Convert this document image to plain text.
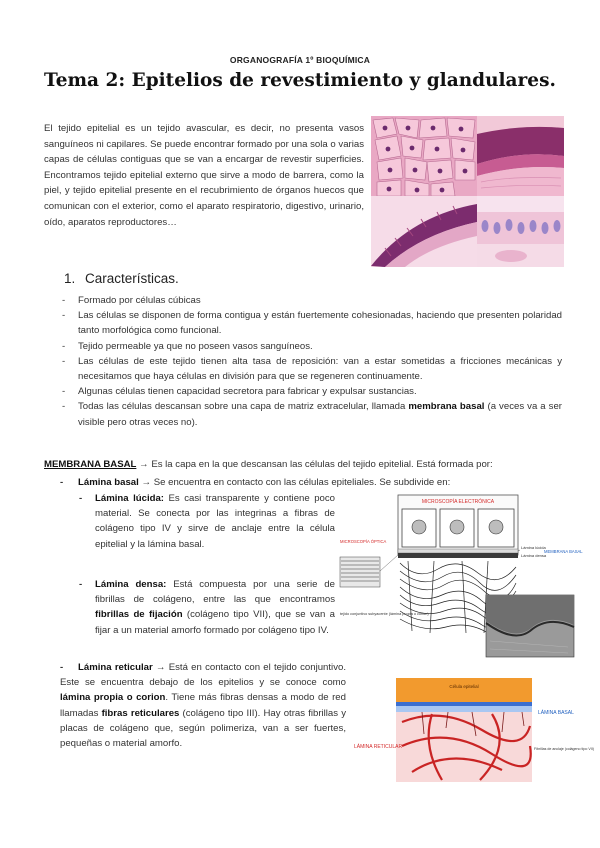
ORGANOGRAFÍA 1º BIOQUÍMICA
Tema 2: Epitelios de revestimiento y glandulares.

El tejido epitelial es un tejido avascular, es decir, no presenta vasos sanguíneos ni capilares. Se puede encontrar formado por una sola o varias capas de células contiguas que se van a encargar de revestir superficies. Encontramos tejido epitelial externo que sirve a modo de barrera, como la piel, y tejido epitelial presente en el recubrimiento de órganos huecos que comunican con el exterior, como el aparato respiratorio, digestivo, urinario, oído, aparatos reproductores…

1. Características.
- Formado por células cúbicas
- Las células se disponen de forma contigua y están fuertemente cohesionadas, haciendo que presenten polaridad tanto morfológica como funcional.
- Tejido permeable ya que no poseen vasos sanguíneos.
- Las células de este tejido tienen alta tasa de reposición: van a estar sometidas a fricciones mecánicas y necesitamos que haya células en división para que se regeneren continuamente.
- Algunas células tienen capacidad secretora para fabricar y expulsar sustancias.
- Todas las células descansan sobre una capa de matriz extracelular, llamada membrana basal (a veces va a ser visible pero otras veces no).
MEMBRANA BASAL → Es la capa en la que descansan las células del tejido epitelial. Está formada por:
- Lámina basal → Se encuentra en contacto con las células epiteliales. Se subdivide en:
- Lámina lúcida: Es casi transparente y contiene poco material. Se conecta por las integrinas a fibras de colágeno tipo IV y sirve de anclaje entre la célula epitelial y la lámina basal.
- Lámina densa: Está compuesta por una serie de fibrillas de colágeno, entre las que encontramos fibrillas de fijación (colágeno tipo VII), que se van a fijar a un material amorfo formado por colágeno tipo IV.
- Lámina reticular → Está en contacto con el tejido conjuntivo. Este se encuentra debajo de los epitelios y se conoce como lámina propia o corion. Tiene más fibras densas a modo de red llamadas fibras reticulares (colágeno tipo III). Hay otras fibrillas y placas de colágeno que, según polimeriza, van a ser fuertes, pequeñas o material amorfo.
MICROSCOPÍA ELECTRÓNICA
MICROSCOPÍA ÓPTICA
Lámina lúcida
Lámina densa
MEMBRANA BASAL
tejido conjuntivo subyacente (lámina propia o corion)
Célula epitelial
LÁMINA BASAL
LÁMINA RETICULAR	Fibrillas de anclaje (colágeno tipo VII)
